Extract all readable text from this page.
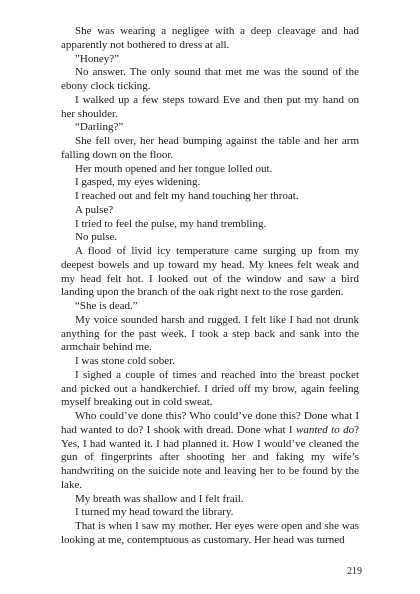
She was wearing a negligee with a deep cleavage and had apparently not bothered to dress at all.

”Honey?”

No answer. The only sound that met me was the sound of the ebony clock ticking.

I walked up a few steps toward Eve and then put my hand on her shoulder.

“Darling?”

She fell over, her head bumping against the table and her arm falling down on the floor.

Her mouth opened and her tongue lolled out.

I gasped, my eyes widening.

I reached out and felt my hand touching her throat.

A pulse?

I tried to feel the pulse, my hand trembling.

No pulse.

A flood of livid icy temperature came surging up from my deepest bowels and up toward my head. My knees felt weak and my head felt hot. I looked out of the window and saw a bird landing upon the branch of the oak right next to the rose garden.

“She is dead.”

My voice sounded harsh and rugged. I felt like I had not drunk anything for the past week. I took a step back and sank into the armchair behind me.

I was stone cold sober.

I sighed a couple of times and reached into the breast pocket and picked out a handkerchief. I dried off my brow, again feeling myself breaking out in cold sweat.

Who could’ve done this? Who could’ve done this? Done what I had wanted to do? I shook with dread. Done what I wanted to do? Yes, I had wanted it. I had planned it. How I would’ve cleaned the gun of fingerprints after shooting her and faking my wife’s handwriting on the suicide note and leaving her to be found by the lake.

My breath was shallow and I felt frail.

I turned my head toward the library.

That is when I saw my mother. Her eyes were open and she was looking at me, contemptuous as customary. Her head was turned

219
